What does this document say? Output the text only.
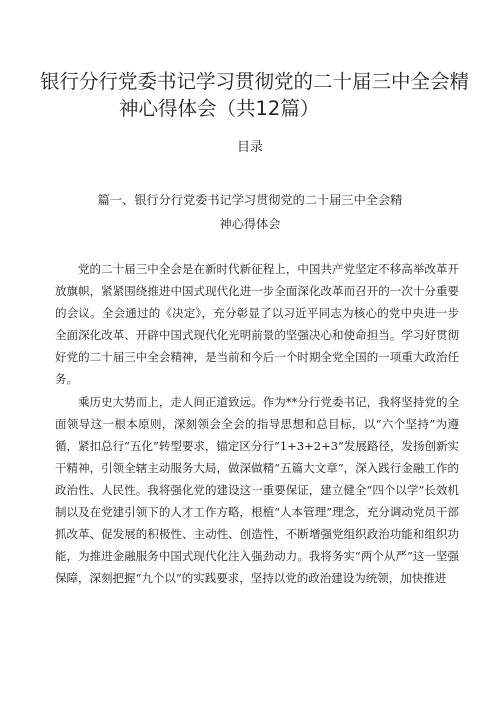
银行分行党委书记学习贯彻党的二十届三中全会精
神心得体会（共12篇）
目录
篇一、银行分行党委书记学习贯彻党的二十届三中全会精
神心得体会

党的二十届三中全会是在新时代新征程上，中国共产党坚定不移高举改革开放旗帜，紧紧围绕推进中国式现代化进一步全面深化改革而召开的一次十分重要的会议。全会通过的《决定》，充分彰显了以习近平同志为核心的党中央进一步全面深化改革、开辟中国式现代化光明前景的坚强决心和使命担当。学习好贯彻好党的二十届三中全会精神，是当前和今后一个时期全党全国的一项重大政治任务。

乘历史大势而上，走人间正道致远。作为**分行党委书记，我将坚持党的全面领导这一根本原则，深刻领会全会的指导思想和总目标，以“六个坚持”为遵循，紧扣总行“五化”转型要求，锚定区分行“1+3+2+3”发展路径，发扬创新实干精神，引领全辖主动服务大局，做深做精“五篇大文章”，深入践行金融工作的政治性、人民性。我将强化党的建设这一重要保证，建立健全“四个以学”长效机制以及在党建引领下的人才工作方略，根植“人本管理”理念，充分调动党员干部抓改革、促发展的积极性、主动性、创造性，不断增强党组织政治功能和组织功能，为推进金融服务中国式现代化注入强劲动力。我将务实“两个从严”这一坚强保障，深刻把握“九个以”的实践要求，坚持以党的政治建设为统领，加快推进
